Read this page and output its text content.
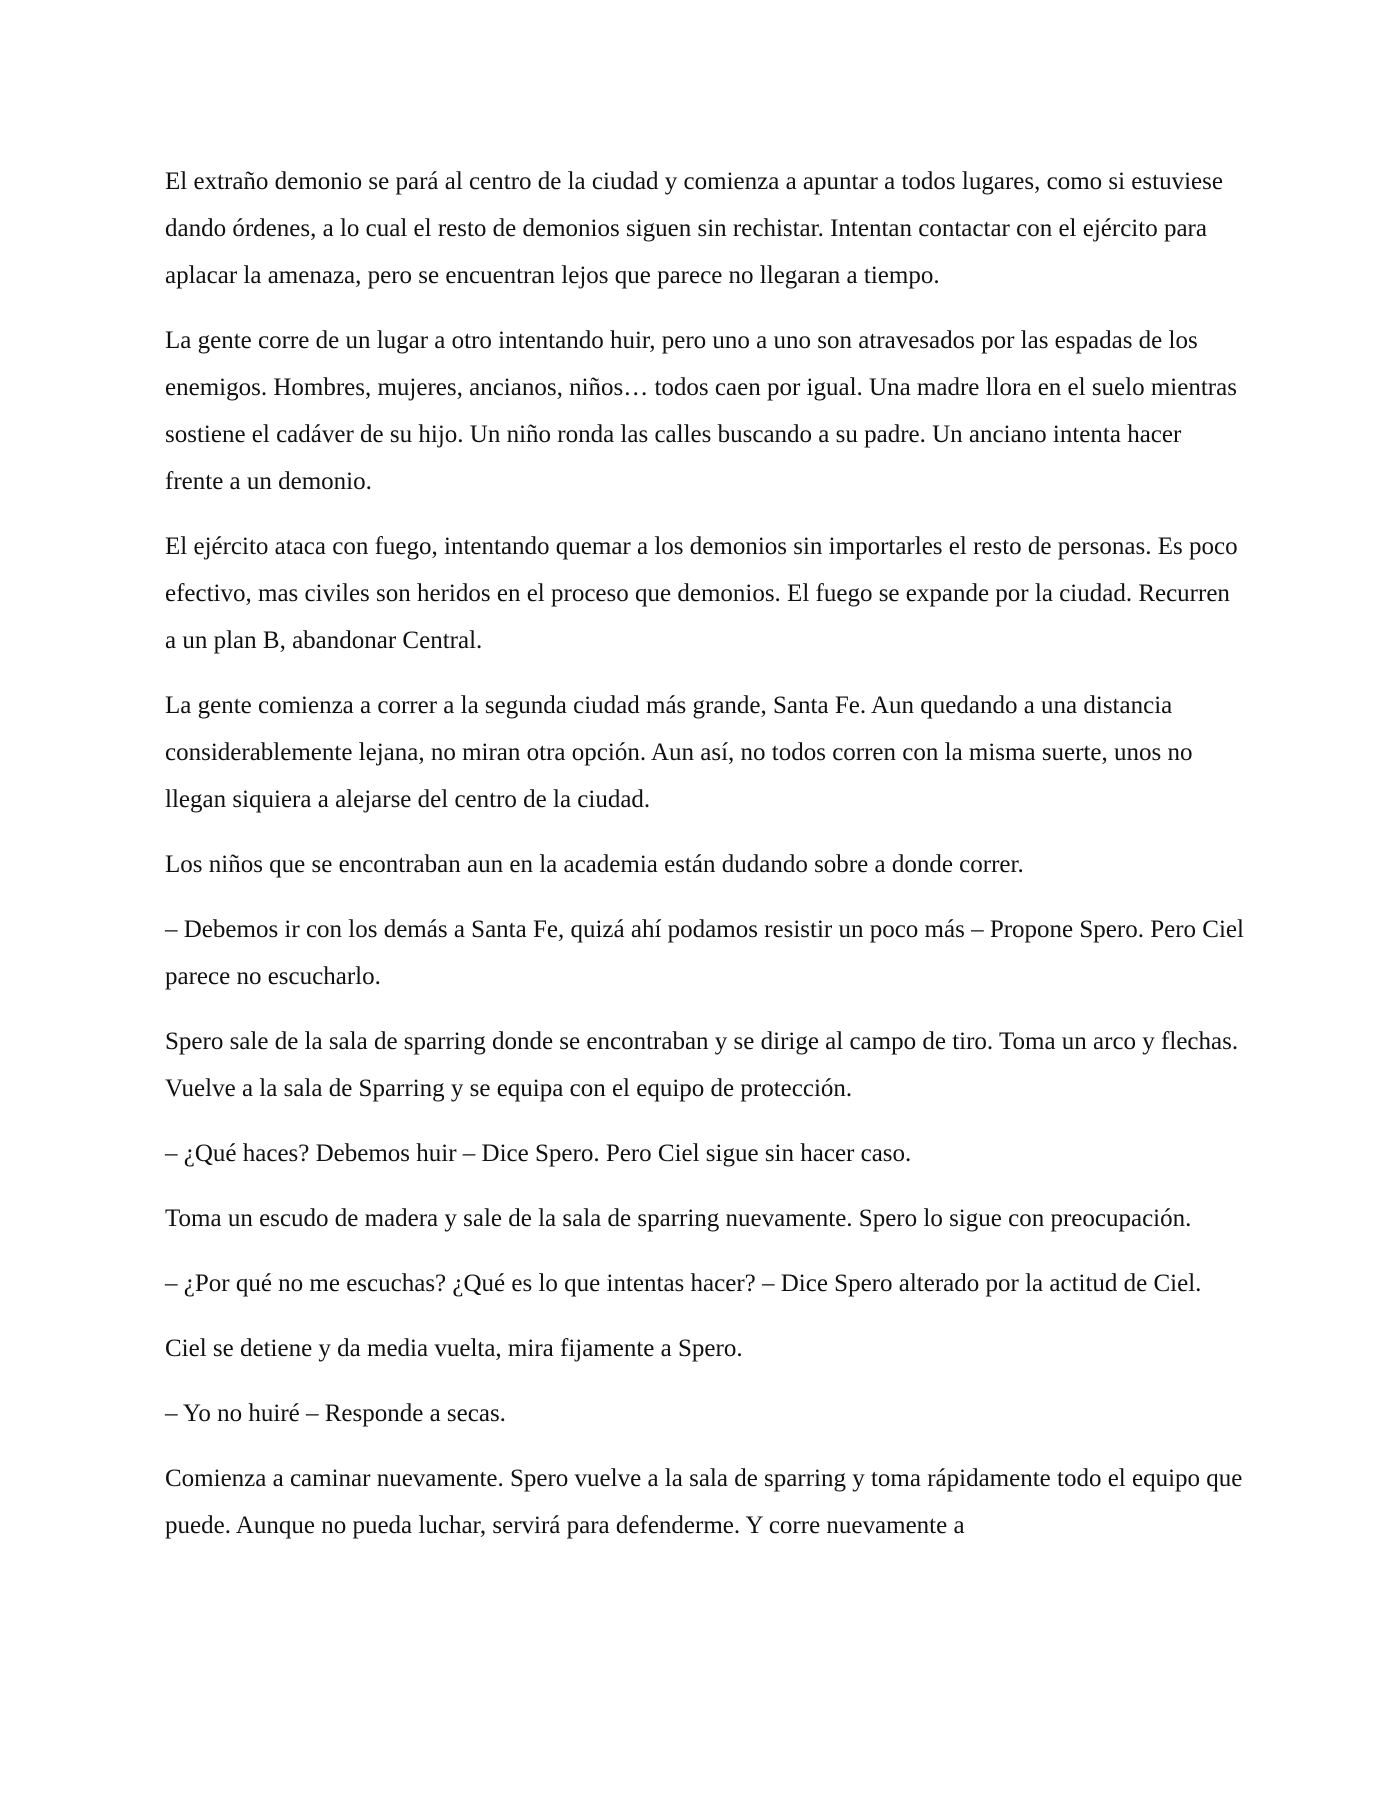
El extraño demonio se pará al centro de la ciudad y comienza a apuntar a todos lugares, como si estuviese dando órdenes, a lo cual el resto de demonios siguen sin rechistar. Intentan contactar con el ejército para aplacar la amenaza, pero se encuentran lejos que parece no llegaran a tiempo.

La gente corre de un lugar a otro intentando huir, pero uno a uno son atravesados por las espadas de los enemigos. Hombres, mujeres, ancianos, niños… todos caen por igual. Una madre llora en el suelo mientras sostiene el cadáver de su hijo. Un niño ronda las calles buscando a su padre. Un anciano intenta hacer frente a un demonio.

El ejército ataca con fuego, intentando quemar a los demonios sin importarles el resto de personas. Es poco efectivo, mas civiles son heridos en el proceso que demonios. El fuego se expande por la ciudad. Recurren a un plan B, abandonar Central.

La gente comienza a correr a la segunda ciudad más grande, Santa Fe. Aun quedando a una distancia considerablemente lejana, no miran otra opción. Aun así, no todos corren con la misma suerte, unos no llegan siquiera a alejarse del centro de la ciudad.

Los niños que se encontraban aun en la academia están dudando sobre a donde correr.

– Debemos ir con los demás a Santa Fe, quizá ahí podamos resistir un poco más – Propone Spero. Pero Ciel parece no escucharlo.

Spero sale de la sala de sparring donde se encontraban y se dirige al campo de tiro. Toma un arco y flechas. Vuelve a la sala de Sparring y se equipa con el equipo de protección.

– ¿Qué haces? Debemos huir – Dice Spero. Pero Ciel sigue sin hacer caso.

Toma un escudo de madera y sale de la sala de sparring nuevamente. Spero lo sigue con preocupación.

– ¿Por qué no me escuchas? ¿Qué es lo que intentas hacer? – Dice Spero alterado por la actitud de Ciel.

Ciel se detiene y da media vuelta, mira fijamente a Spero.

– Yo no huiré – Responde a secas.

Comienza a caminar nuevamente. Spero vuelve a la sala de sparring y toma rápidamente todo el equipo que puede. Aunque no pueda luchar, servirá para defenderme. Y corre nuevamente a
